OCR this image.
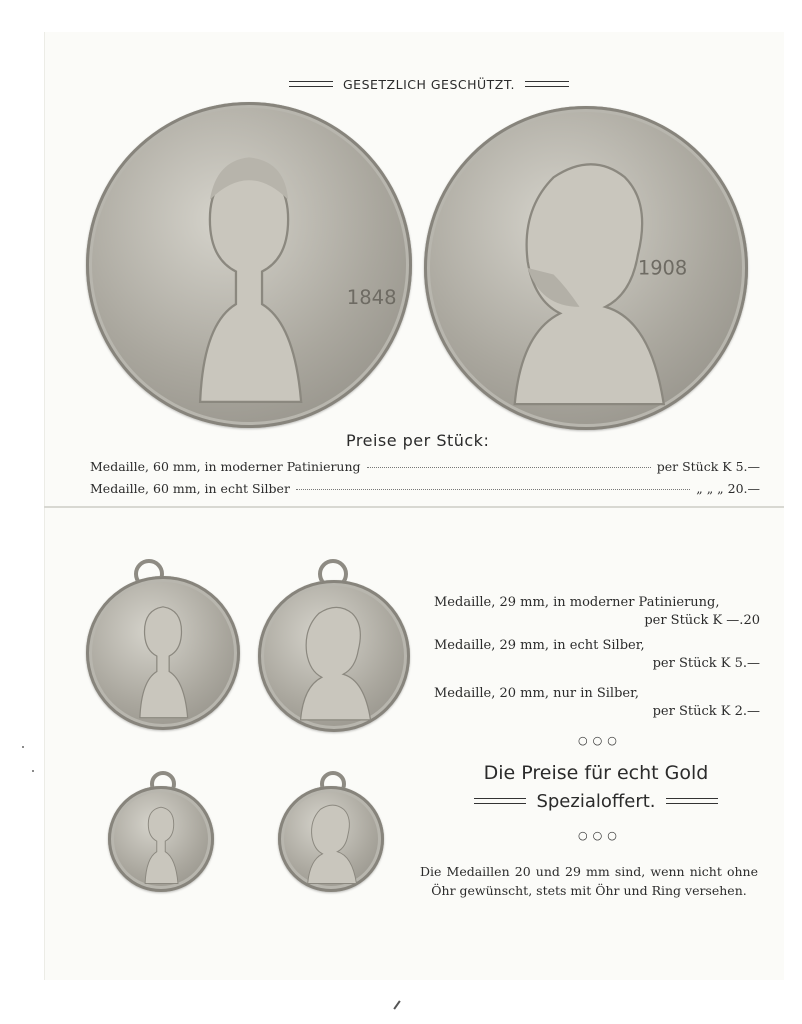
GESETZLICH GESCHÜTZT.
1848
1908
Preise per Stück:
Medaille, 60 mm, in moderner Patinierung	per Stück K 5.—
Medaille, 60 mm, in echt Silber	„ „ „ 20.—
Medaille, 29 mm, in moderner Patinierung,
per Stück K —.20
Medaille, 29 mm, in echt Silber,
per Stück K 5.—
Medaille, 20 mm, nur in Silber,
per Stück K 2.—
○○○
Die Preise für echt Gold
Spezialoffert.
○○○
Die Medaillen 20 und 29 mm sind, wenn nicht ohne Öhr gewünscht, stets mit Öhr und Ring versehen.
